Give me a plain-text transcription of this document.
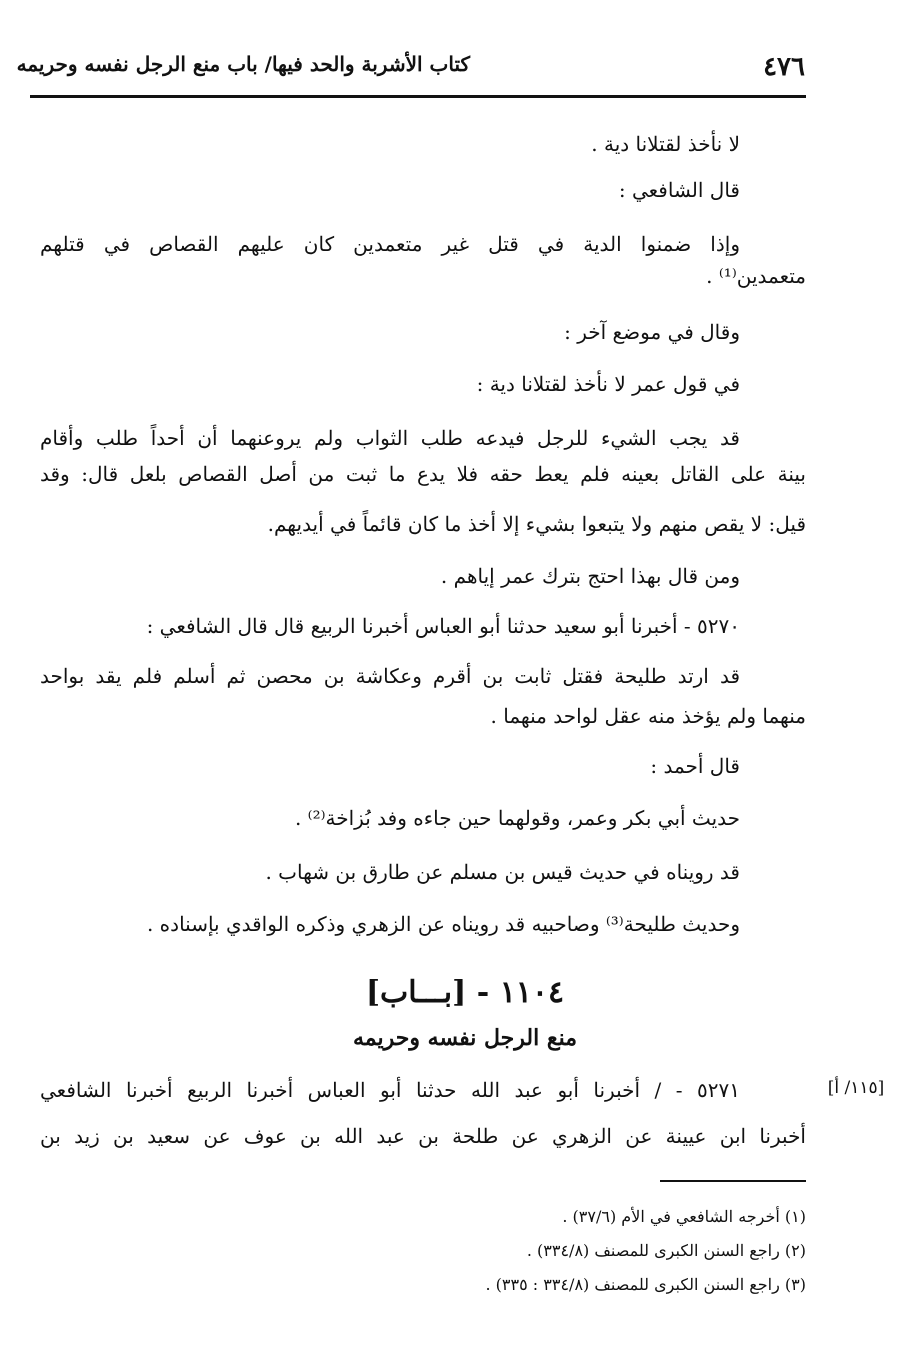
٤٧٦
كتاب الأشربة والحد فيها/ باب منع الرجل نفسه وحريمه
لا نأخذ لقتلانا دية .
قال الشافعي :
وإذا ضمنوا الدية في قتل غير متعمدين كان عليهم القصاص في قتلهم
متعمدين⁽¹⁾ .
وقال في موضع آخر :
في قول عمر لا نأخذ لقتلانا دية :
قد يجب الشيء للرجل فيدعه طلب الثواب ولم يروعنهما أن أحداً طلب وأقام
بينة على القاتل بعينه فلم يعط حقه فلا يدع ما ثبت من أصل القصاص بلعل قال: وقد
قيل: لا يقص منهم ولا يتبعوا بشيء إلا أخذ ما كان قائماً في أيديهم.
ومن قال بهذا احتج بترك عمر إياهم .
٥٢٧٠ - أخبرنا أبو سعيد حدثنا أبو العباس أخبرنا الربيع قال قال الشافعي :
قد ارتد طليحة فقتل ثابت بن أقرم وعكاشة بن محصن ثم أسلم فلم يقد بواحد
منهما ولم يؤخذ منه عقل لواحد منهما .
قال أحمد :
حديث أبي بكر وعمر، وقولهما حين جاءه وفد بُزاخة⁽²⁾ .
قد رويناه في حديث قيس بن مسلم عن طارق بن شهاب .
وحديث طليحة⁽³⁾ وصاحبيه قد رويناه عن الزهري وذكره الواقدي بإسناده .
١١٠٤ - [بـــاب]
منع الرجل نفسه وحريمه
[١١٥/ أ]
٥٢٧١ - / أخبرنا أبو عبد الله حدثنا أبو العباس أخبرنا الربيع أخبرنا الشافعي
أخبرنا ابن عيينة عن الزهري عن طلحة بن عبد الله بن عوف عن سعيد بن زيد بن
(١) أخرجه الشافعي في الأم (٣٧/٦) .
(٢) راجع السنن الكبرى للمصنف (٣٣٤/٨) .
(٣) راجع السنن الكبرى للمصنف (٣٣٤/٨ : ٣٣٥) .
